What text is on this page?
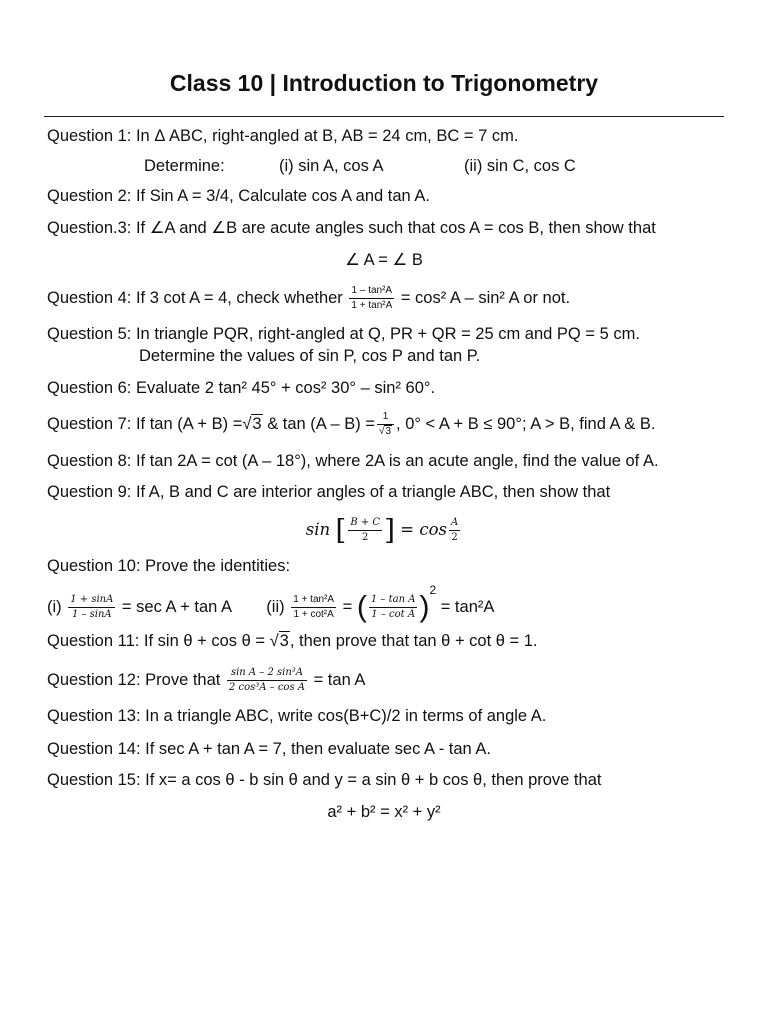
Class 10 | Introduction to Trigonometry
Question 1: In Δ ABC, right-angled at B, AB = 24 cm, BC = 7 cm.
Determine:	(i) sin A, cos A	(ii) sin C, cos C
Question 2: If Sin A = 3/4, Calculate cos A and tan A.
Question.3: If ∠A and ∠B are acute angles such that cos A = cos B, then show that
∠ A = ∠ B
Question 4: If 3 cot A = 4, check whether $\frac{\text{1 – tan²A}}{\text{1 + tan²A}} = \cos^2$ A – sin² A or not.
Question 5: In triangle PQR, right-angled at Q, PR + QR = 25 cm and PQ = 5 cm.
Determine the values of sin P, cos P and tan P.
Question 6: Evaluate 2 tan² 45° + cos² 30° – sin² 60°.
Question 7: If tan (A + B) =√3 & $\tan (A - B) = \frac{1}{√3}$ , 0° < A + B ≤ 90°; A > B, find A & B.
Question 8: If tan 2A = cot (A – 18°), where 2A is an acute angle, find the value of A.
Question 9: If A, B and C are interior angles of a triangle ABC, then show that
sin [ $\frac{B + C}{2}$ ] = $\cos \frac{A}{2}$
Question 10: Prove the identities:
$(i) \frac{1 + \sin A}{1 - \sin A} = \sec A + \tan A$ $(ii) \frac{\text{1 + tan²A}}{\text{1 + cot²A}}$ = ( $\frac{\text{1 – tan A}}{\text{1 – cot A}} )^2 = \tan^2A$
Question 11: If sin θ + cos θ = √3, then prove that tan θ + cot θ = 1.
Question 12: Prove that $\frac{\text{sin A – 2 sin³A}}{\text{2 cos³A – cos A}} = \tan A$
Question 13: In a triangle ABC, write cos(B+C)/2 in terms of angle A.
Question 14: If sec A + tan A = 7, then evaluate sec A - tan A.
Question 15: If x= a cos θ - b sin θ and y = a sin θ + b cos θ, then prove that
a² + b² = x² + y²
